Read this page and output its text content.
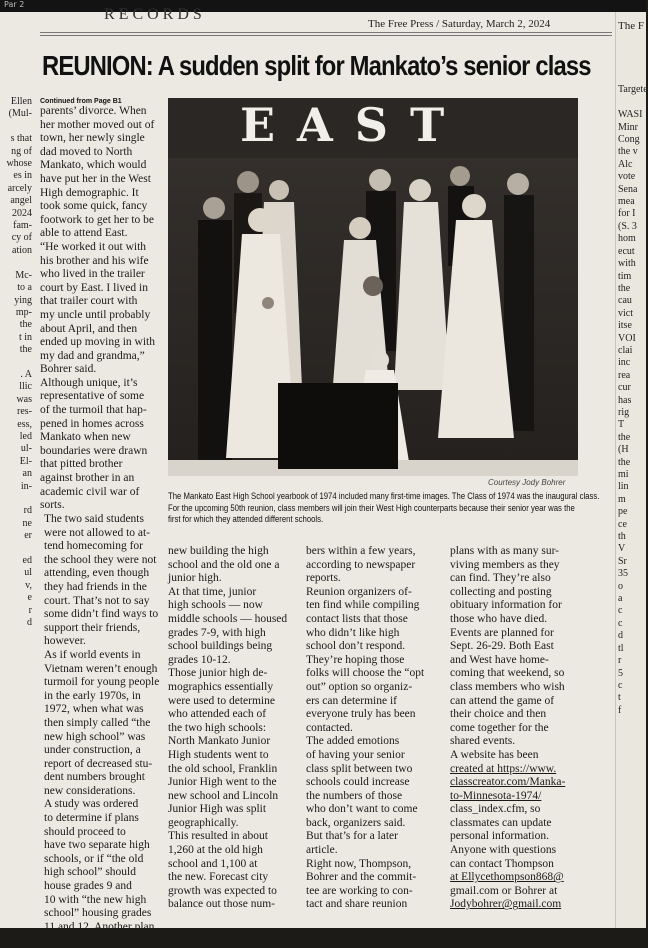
Par 2
RECORDS
The Free Press / Saturday, March 2, 2024	The F
REUNION: A sudden split for Mankato’s senior class
Ellen
(Mul-

s that
ng of
whose
es in
arcely
angel
2024
fam-
cy of
ation

Mc-
to a
ying
mp-
the
t in
the

. A
llic
was
res-
ess,
led
ul-
El-
an
in-

rd
ne
er

ed
ul
v,
e
r
d

Targete

WASI
Minr
Cong
the v
Alc
vote
Sena
mea
for I
(S. 3
hom
ecut
with
tim
the
cau
vict
itse
VOI
clai
inc
rea
cur
has
rig
T
the
(H
the
mi
lin
m
pe
ce
th
V
Sr
35
o
a
c
c
d
tl
r
5
c
t
f
Continued from Page B1
parents’ divorce. When
her mother moved out of
town, her newly single
dad moved to North
Mankato, which would
have put her in the West
High demographic. It
took some quick, fancy
footwork to get her to be
able to attend East.
“He worked it out with
his brother and his wife
who lived in the trailer
court by East. I lived in
that trailer court with
my uncle until probably
about April, and then
ended up moving in with
my dad and grandma,”
Bohrer said.
Although unique, it’s
representative of some
of the turmoil that hap-
pened in homes across
Mankato when new
boundaries were drawn
that pitted brother
against brother in an
academic civil war of
sorts.
The two said students
were not allowed to at-
tend homecoming for
the school they were not
attending, even though
they had friends in the
court. That’s not to say
some didn’t find ways to
support their friends,
however.
As if world events in
Vietnam weren’t enough
turmoil for young people
in the early 1970s, in
1972, when what was
then simply called “the
new high school” was
under construction, a
report of decreased stu-
dent numbers brought
new considerations.
A study was ordered
to determine if plans
should proceed to
have two separate high
schools, or if “the old
high school” should
house grades 9 and
10 with “the new high
school” housing grades
11 and 12. Another plan
would have made the
EAST
Courtesy Jody Bohrer
The Mankato East High School yearbook of 1974 included many first-time images. The Class of 1974 was the inaugural class.
For the upcoming 50th reunion, class members will join their West High counterparts because their senior year was the
first for which they attended different schools.
new building the high
school and the old one a
junior high.
At that time, junior
high schools — now
middle schools — housed
grades 7-9, with high
school buildings being
grades 10-12.
Those junior high de-
mographics essentially
were used to determine
who attended each of
the two high schools:
North Mankato Junior
High students went to
the old school, Franklin
Junior High went to the
new school and Lincoln
Junior High was split
geographically.
This resulted in about
1,260 at the old high
school and 1,100 at
the new. Forecast city
growth was expected to
balance out those num-
bers within a few years,
according to newspaper
reports.
Reunion organizers of-
ten find while compiling
contact lists that those
who didn’t like high
school don’t respond.
They’re hoping those
folks will choose the “opt
out” option so organiz-
ers can determine if
everyone truly has been
contacted.
The added emotions
of having your senior
class split between two
schools could increase
the numbers of those
who don’t want to come
back, organizers said.
But that’s for a later
article.
Right now, Thompson,
Bohrer and the commit-
tee are working to con-
tact and share reunion
plans with as many sur-
viving members as they
can find. They’re also
collecting and posting
obituary information for
those who have died.
Events are planned for
Sept. 26-29. Both East
and West have home-
coming that weekend, so
class members who wish
can attend the game of
their choice and then
come together for the
shared events.
A website has been
created at https://www.
classcreator.com/Manka-
to-Minnesota-1974/
class_index.cfm, so
classmates can update
personal information.
Anyone with questions
can contact Thompson
at Ellycethompson868@
gmail.com or Bohrer at
Jodybohrer@gmail.com
